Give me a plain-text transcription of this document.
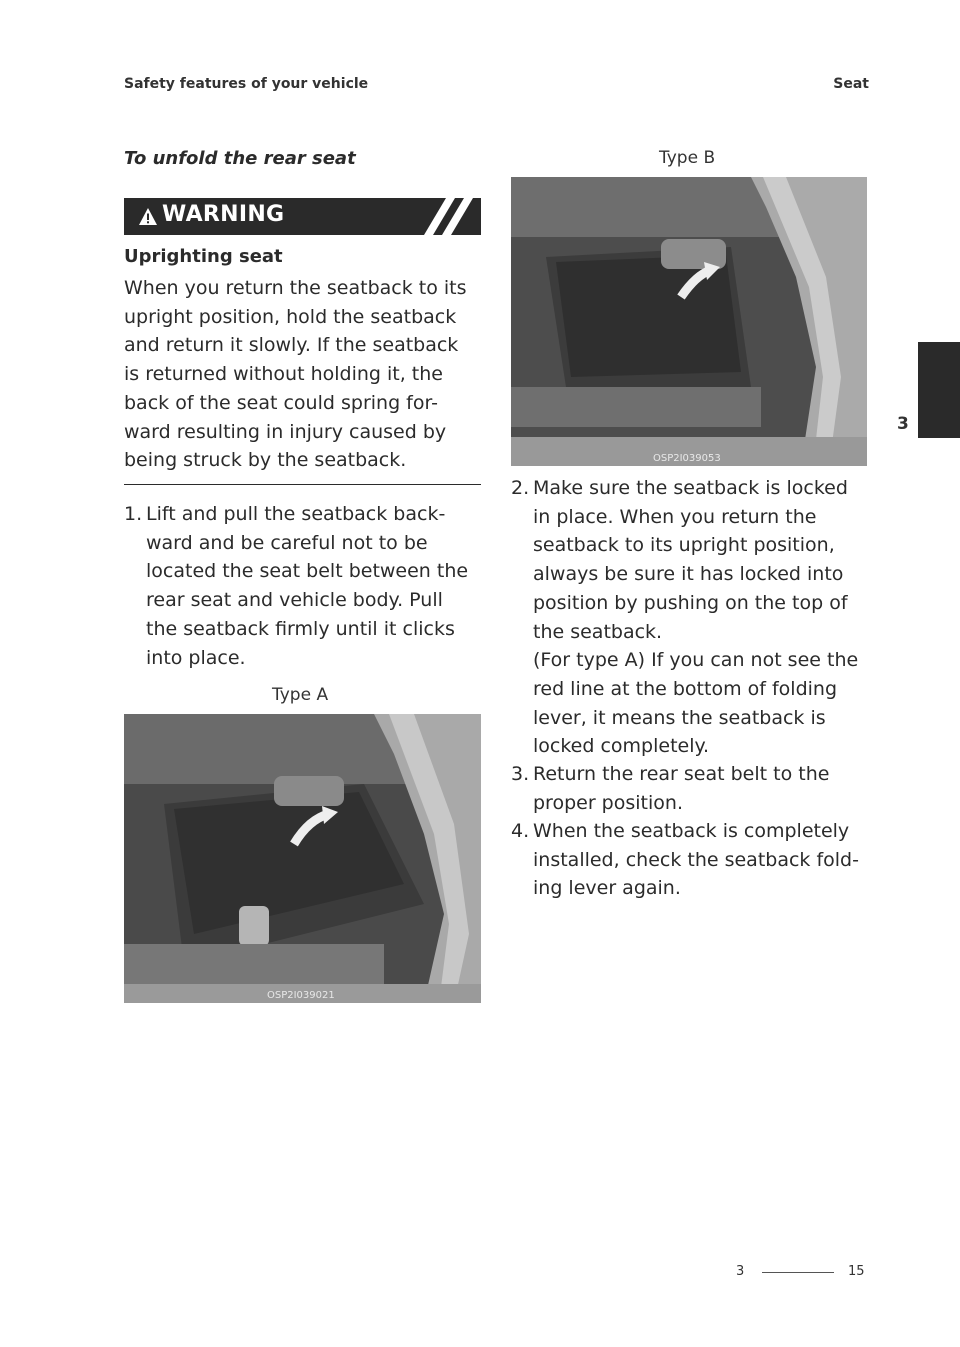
Safety features of your vehicle	Seat
3
To unfold the rear seat
WARNING
Uprighting seat
When you return the seatback to its
upright position, hold the seatback
and return it slowly. If the seatback
is returned without holding it, the
back of the seat could spring for-
ward resulting in injury caused by
being struck by the seatback.
1. Lift and pull the seatback back-
ward and be careful not to be
located the seat belt between the
rear seat and vehicle body. Pull
the seatback firmly until it clicks
into place.
Type A
OSP2I039021
Type B
OSP2I039053
2. Make sure the seatback is locked
in place. When you return the
seatback to its upright position,
always be sure it has locked into
position by pushing on the top of
the seatback.
(For type A) If you can not see the
red line at the bottom of folding
lever, it means the seatback is
locked completely.
3. Return the rear seat belt to the
proper position.
4. When the seatback is completely
installed, check the seatback fold-
ing lever again.
3	15
